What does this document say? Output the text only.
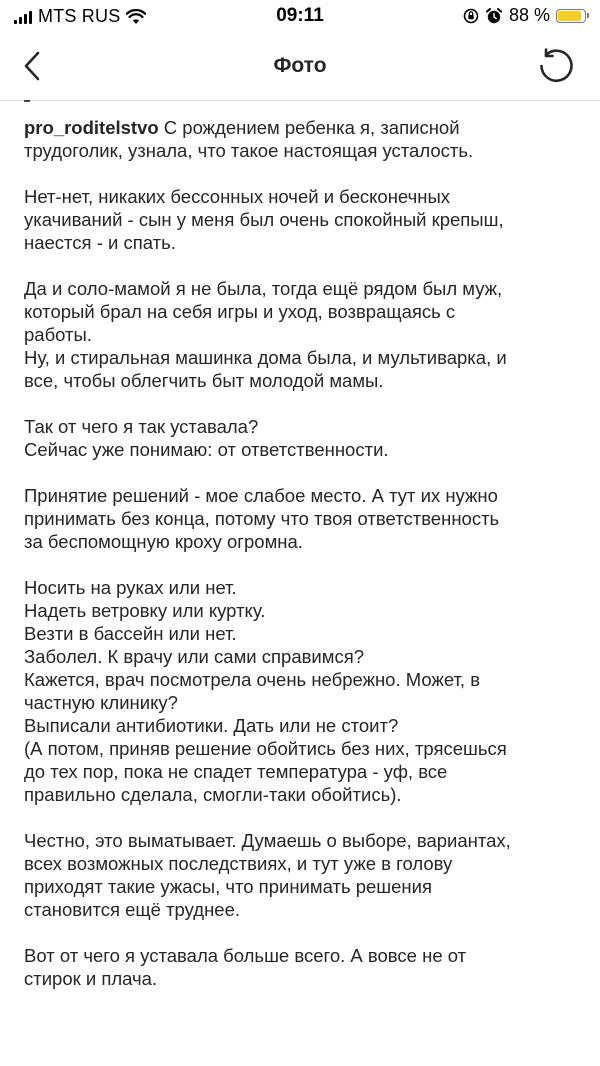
MTS RUS	09:11	88 %
Фото
pro_roditelstvo С рождением ребенка я, записной
трудоголик, узнала, что такое настоящая усталость.
Нет-нет, никаких бессонных ночей и бесконечных
укачиваний - сын у меня был очень спокойный крепыш,
наестся - и спать.
Да и соло-мамой я не была, тогда ещё рядом был муж,
который брал на себя игры и уход, возвращаясь с
работы.
Ну, и стиральная машинка дома была, и мультиварка, и
все, чтобы облегчить быт молодой мамы.
Так от чего я так уставала?
Сейчас уже понимаю: от ответственности.
Принятие решений - мое слабое место. А тут их нужно
принимать без конца, потому что твоя ответственность
за беспомощную кроху огромна.
Носить на руках или нет.
Надеть ветровку или куртку.
Везти в бассейн или нет.
Заболел. К врачу или сами справимся?
Кажется, врач посмотрела очень небрежно. Может, в
частную клинику?
Выписали антибиотики. Дать или не стоит?
(А потом, приняв решение обойтись без них, трясешься
до тех пор, пока не спадет температура - уф, все
правильно сделала, смогли-таки обойтись).
Честно, это выматывает. Думаешь о выборе, вариантах,
всех возможных последствиях, и тут уже в голову
приходят такие ужасы, что принимать решения
становится ещё труднее.
Вот от чего я уставала больше всего. А вовсе не от
стирок и плача.
